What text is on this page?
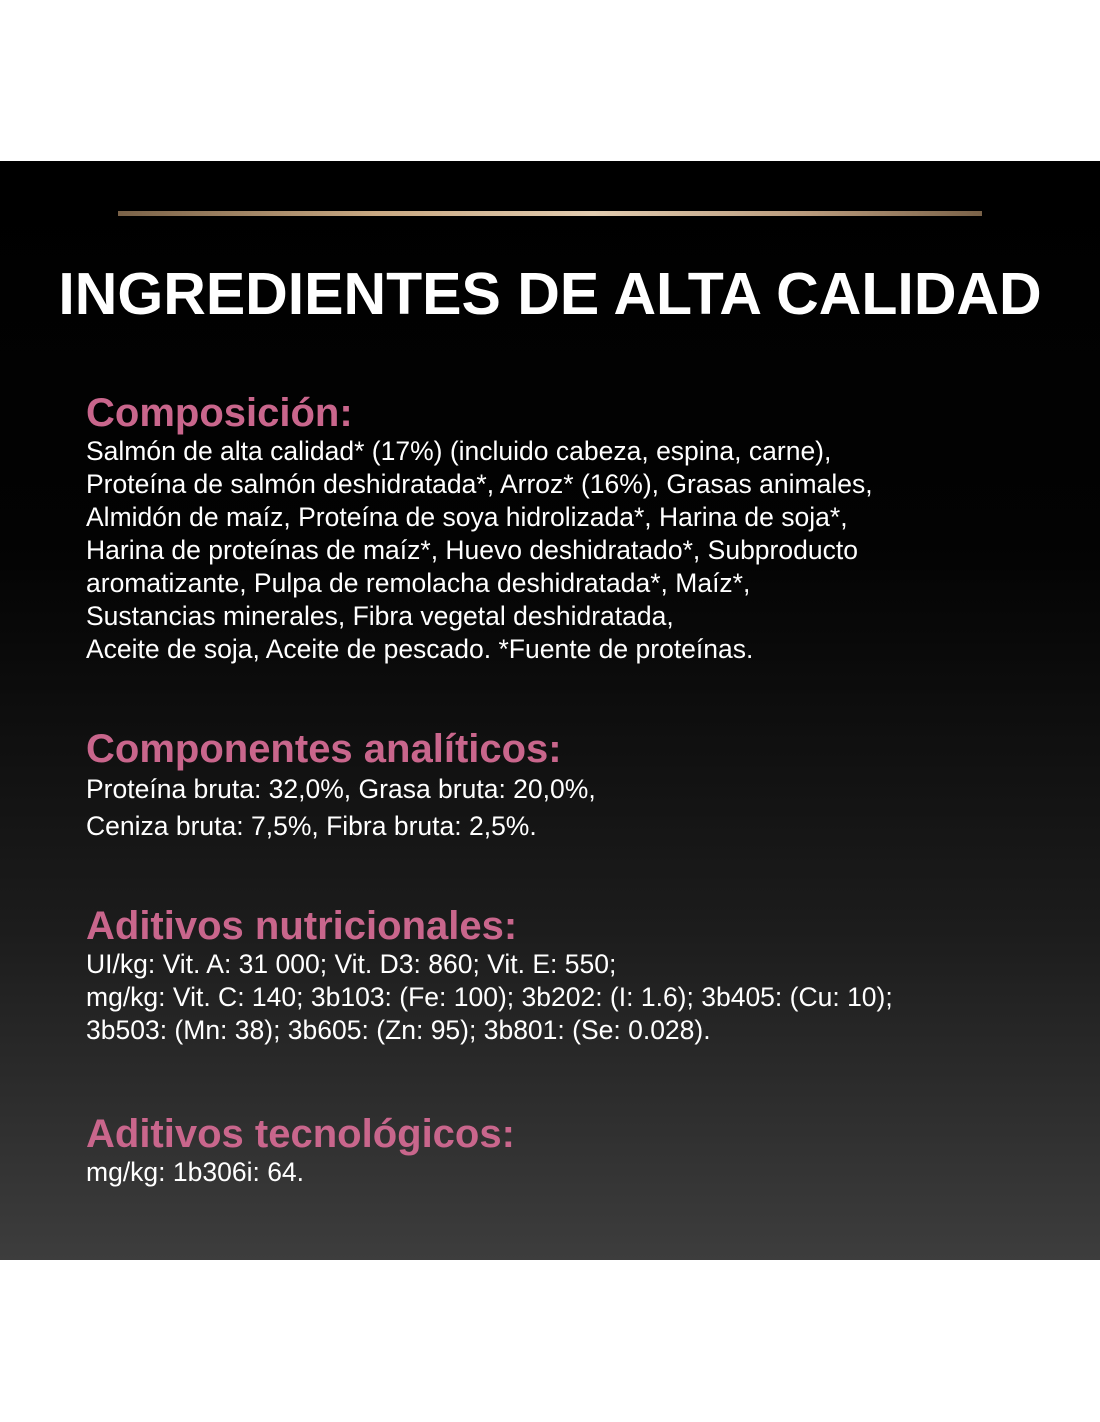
INGREDIENTES DE ALTA CALIDAD
Composición:
Salmón de alta calidad* (17%) (incluido cabeza, espina, carne),
Proteína de salmón deshidratada*, Arroz* (16%), Grasas animales,
Almidón de maíz, Proteína de soya hidrolizada*, Harina de soja*,
Harina de proteínas de maíz*, Huevo deshidratado*, Subproducto
aromatizante, Pulpa de remolacha deshidratada*, Maíz*,
Sustancias minerales, Fibra vegetal deshidratada,
Aceite de soja, Aceite de pescado. *Fuente de proteínas.
Componentes analíticos:
Proteína bruta: 32,0%, Grasa bruta: 20,0%,
Ceniza bruta: 7,5%, Fibra bruta: 2,5%.
Aditivos nutricionales:
UI/kg: Vit. A: 31 000; Vit. D3: 860; Vit. E: 550;
mg/kg: Vit. C: 140; 3b103: (Fe: 100); 3b202: (I: 1.6); 3b405: (Cu: 10);
3b503: (Mn: 38); 3b605: (Zn: 95); 3b801: (Se: 0.028).
Aditivos tecnológicos:
mg/kg: 1b306i: 64.
